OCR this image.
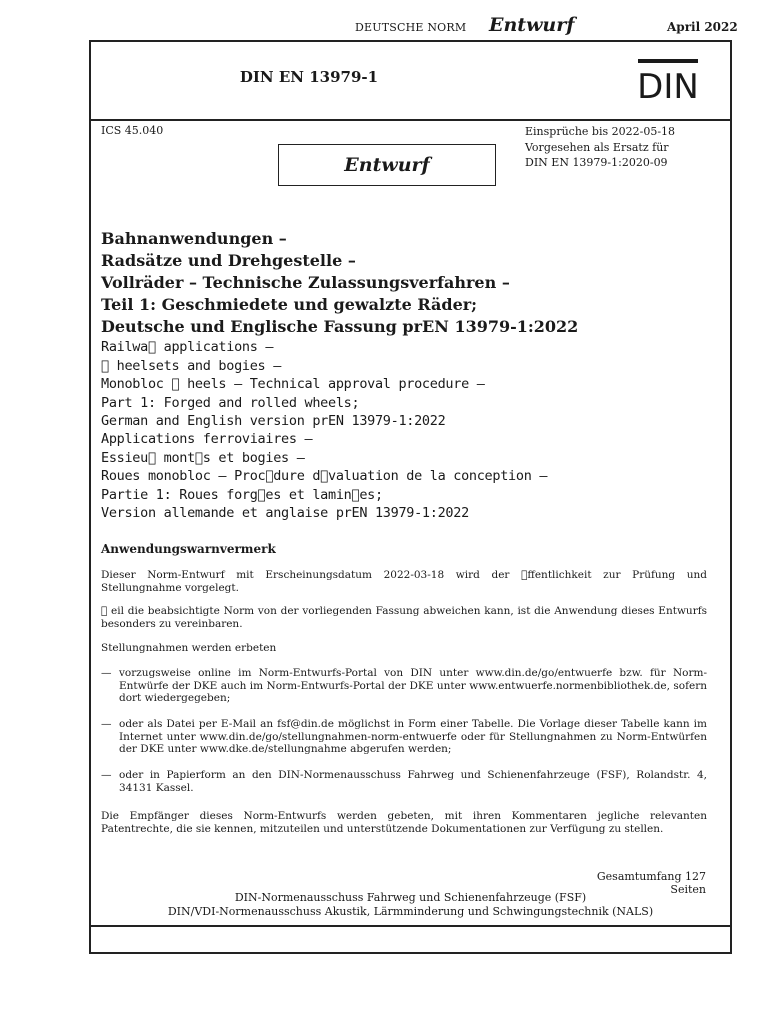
DEUTSCHE NORM Entwurf	April 2022
DIN EN 13979-1	DIN
ICS 45.040	Einsprüche bis 2022-05-18
Vorgesehen als Ersatz für
DIN EN 13979-1:2020-09
Entwurf
Bahnanwendungen –
Radsätze und Drehgestelle –
Vollräder – Technische Zulassungsverfahren –
Teil 1: Geschmiedete und gewalzte Räder;
Deutsche und Englische Fassung prEN 13979-1:2022
Railwa  applications –
  heelsets and bogies –
Monobloc   heels – Technical approval procedure –
Part 1: Forged and rolled wheels;
German and English version prEN 13979-1:2022
Applications ferroviaires –
Essieu  mont s et bogies –
Roues monobloc – Proc dure d valuation de la conception –
Partie 1: Roues forg es et lamin es;
Version allemande et anglaise prEN 13979-1:2022
Anwendungswarnvermerk
Dieser Norm-Entwurf mit Erscheinungsdatum 2022-03-18 wird der  ffentlichkeit zur Prüfung und Stellungnahme vorgelegt.
  eil die beabsichtigte Norm von der vorliegenden Fassung abweichen kann, ist die Anwendung dieses Entwurfs besonders zu vereinbaren.
Stellungnahmen werden erbeten
— vorzugsweise online im Norm-Entwurfs-Portal von DIN unter www.din.de/go/entwuerfe bzw. für Norm-Entwürfe der DKE auch im Norm-Entwurfs-Portal der DKE unter www.entwuerfe.normenbibliothek.de, sofern dort wiedergegeben;
— oder als Datei per E-Mail an fsf@din.de möglichst in Form einer Tabelle. Die Vorlage dieser Tabelle kann im Internet unter www.din.de/go/stellungnahmen-norm-entwuerfe oder für Stellungnahmen zu Norm-Entwürfen der DKE unter www.dke.de/stellungnahme abgerufen werden;
— oder in Papierform an den DIN-Normenausschuss Fahrweg und Schienenfahrzeuge (FSF), Rolandstr. 4, 34131 Kassel.
Die Empfänger dieses Norm-Entwurfs werden gebeten, mit ihren Kommentaren jegliche relevanten Patentrechte, die sie kennen, mitzuteilen und unterstützende Dokumentationen zur Verfügung zu stellen.
Gesamtumfang 127 Seiten
DIN-Normenausschuss Fahrweg und Schienenfahrzeuge (FSF)
DIN/VDI-Normenausschuss Akustik, Lärmminderung und Schwingungstechnik (NALS)
